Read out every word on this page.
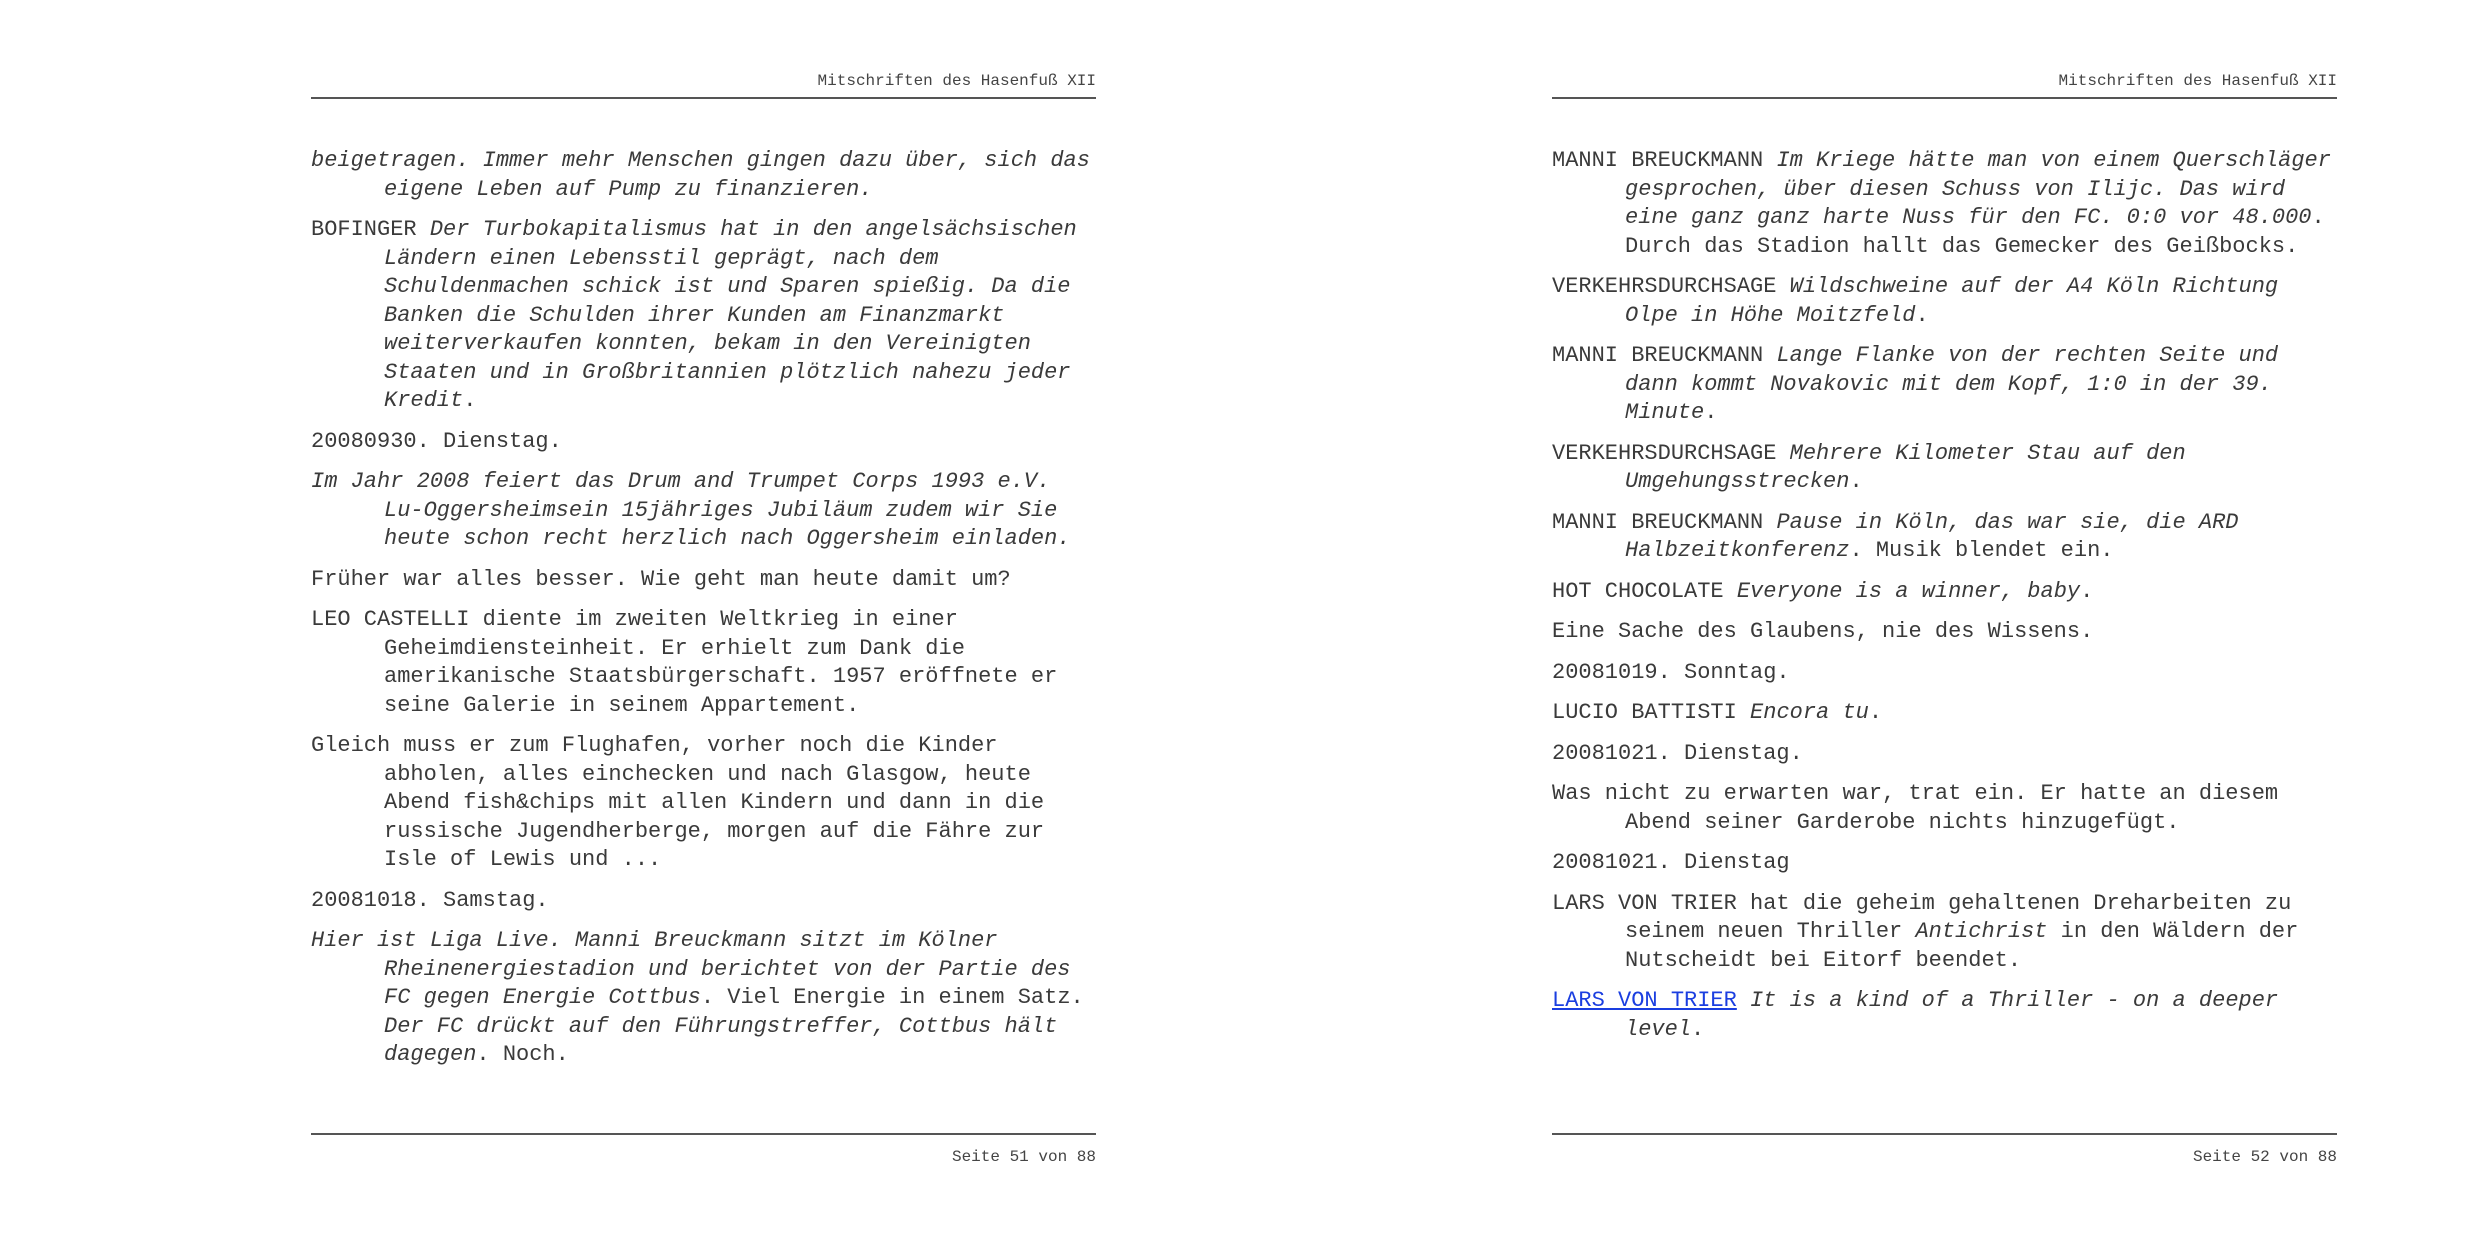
Mitschriften des Hasenfuß XII

beigetragen. Immer mehr Menschen gingen dazu über, sich das eigene Leben auf Pump zu finanzieren.

BOFINGER Der Turbokapitalismus hat in den angelsächsischen Ländern einen Lebensstil geprägt, nach dem Schuldenmachen schick ist und Sparen spießig. Da die Banken die Schulden ihrer Kunden am Finanzmarkt weiterverkaufen konnten, bekam in den Vereinigten Staaten und in Großbritannien plötzlich nahezu jeder Kredit.

20080930. Dienstag.

Im Jahr 2008 feiert das Drum and Trumpet Corps 1993 e.V. Lu-Oggersheimsein 15jähriges Jubiläum zudem wir Sie heute schon recht herzlich nach Oggersheim einladen.

Früher war alles besser. Wie geht man heute damit um?

LEO CASTELLI diente im zweiten Weltkrieg in einer Geheimdiensteinheit. Er erhielt zum Dank die amerikanische Staatsbürgerschaft. 1957 eröffnete er seine Galerie in seinem Appartement.

Gleich muss er zum Flughafen, vorher noch die Kinder abholen, alles einchecken und nach Glasgow, heute Abend fish&chips mit allen Kindern und dann in die russische Jugendherberge, morgen auf die Fähre zur Isle of Lewis und ...

20081018. Samstag.

Hier ist Liga Live. Manni Breuckmann sitzt im Kölner Rheinenergiestadion und berichtet von der Partie des FC gegen Energie Cottbus. Viel Energie in einem Satz. Der FC drückt auf den Führungstreffer, Cottbus hält dagegen. Noch.

Seite 51 von 88
Mitschriften des Hasenfuß XII

MANNI BREUCKMANN Im Kriege hätte man von einem Querschläger gesprochen, über diesen Schuss von Ilijc. Das wird eine ganz ganz harte Nuss für den FC. 0:0 vor 48.000. Durch das Stadion hallt das Gemecker des Geißbocks.

VERKEHRSDURCHSAGE Wildschweine auf der A4 Köln Richtung Olpe in Höhe Moitzfeld.

MANNI BREUCKMANN Lange Flanke von der rechten Seite und dann kommt Novakovic mit dem Kopf, 1:0 in der 39. Minute.

VERKEHRSDURCHSAGE Mehrere Kilometer Stau auf den Umgehungsstrecken.

MANNI BREUCKMANN Pause in Köln, das war sie, die ARD Halbzeitkonferenz. Musik blendet ein.

HOT CHOCOLATE Everyone is a winner, baby.

Eine Sache des Glaubens, nie des Wissens.

20081019. Sonntag.

LUCIO BATTISTI Encora tu.

20081021. Dienstag.

Was nicht zu erwarten war, trat ein. Er hatte an diesem Abend seiner Garderobe nichts hinzugefügt.

20081021. Dienstag

LARS VON TRIER hat die geheim gehaltenen Dreharbeiten zu seinem neuen Thriller Antichrist in den Wäldern der Nutscheidt bei Eitorf beendet.

LARS VON TRIER It is a kind of a Thriller - on a deeper level.

Seite 52 von 88
